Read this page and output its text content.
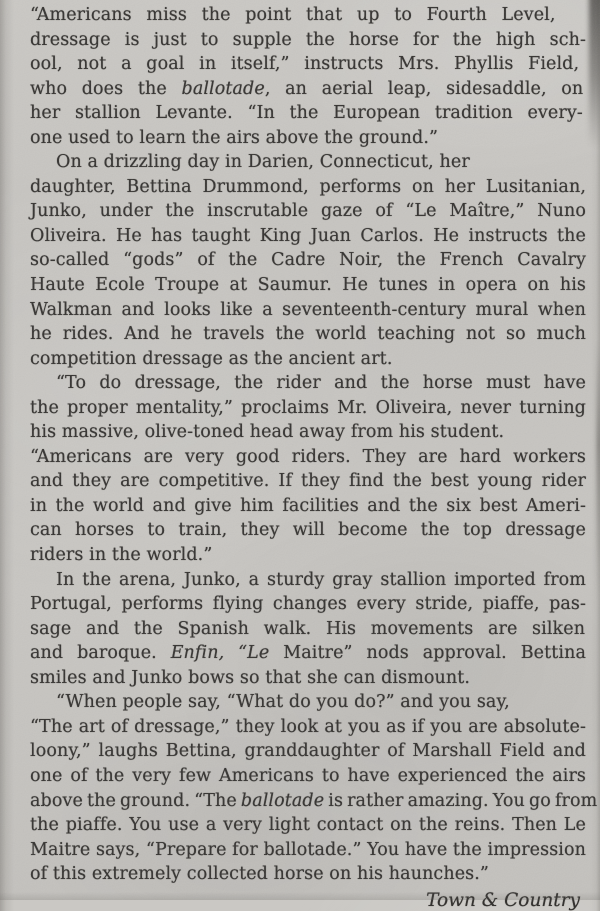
“Americans miss the point that up to Fourth Level,
dressage is just to supple the horse for the high sch-
ool, not a goal in itself,” instructs Mrs. Phyllis Field,
who does the ballotade, an aerial leap, sidesaddle, on
her stallion Levante. “In the European tradition every-
one used to learn the airs above the ground.”
On a drizzling day in Darien, Connecticut, her
daughter, Bettina Drummond, performs on her Lusitanian,
Junko, under the inscrutable gaze of “Le Maître,” Nuno
Oliveira. He has taught King Juan Carlos. He instructs the
so-called “gods” of the Cadre Noir, the French Cavalry
Haute Ecole Troupe at Saumur. He tunes in opera on his
Walkman and looks like a seventeenth-century mural when
he rides. And he travels the world teaching not so much
competition dressage as the ancient art.
“To do dressage, the rider and the horse must have
the proper mentality,” proclaims Mr. Oliveira, never turning
his massive, olive-toned head away from his student.
“Americans are very good riders. They are hard workers
and they are competitive. If they find the best young rider
in the world and give him facilities and the six best Ameri-
can horses to train, they will become the top dressage
riders in the world.”
In the arena, Junko, a sturdy gray stallion imported from
Portugal, performs flying changes every stride, piaffe, pas-
sage and the Spanish walk. His movements are silken
and baroque. Enfin, “Le Maitre” nods approval. Bettina
smiles and Junko bows so that she can dismount.
“When people say, “What do you do?” and you say,
“The art of dressage,” they look at you as if you are absolute-
loony,” laughs Bettina, granddaughter of Marshall Field and
one of the very few Americans to have experienced the airs
above the ground. “The ballotade is rather amazing. You go from
the piaffe. You use a very light contact on the reins. Then Le
Maitre says, “Prepare for ballotade.” You have the impression
of this extremely collected horse on his haunches.”
Town & Country
